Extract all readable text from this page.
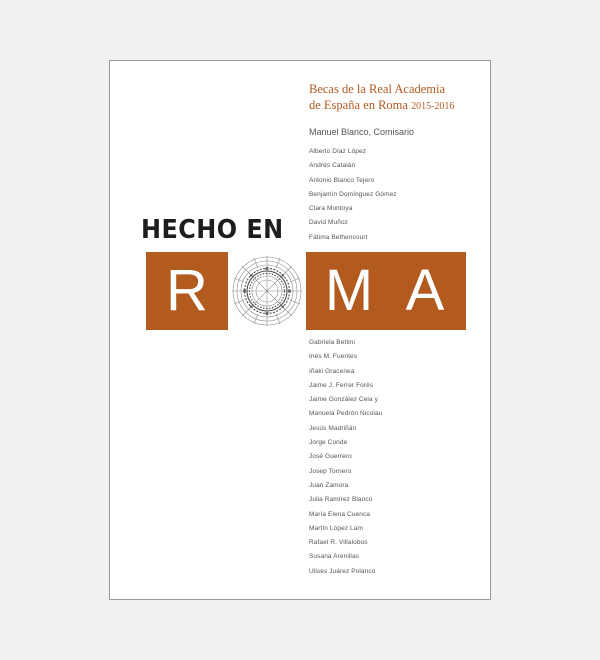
Becas de la Real Academia
de España en Roma 2015-2016
Manuel Blanco, Comisario
Alberto Díaz López
Andrés Catalán
Antonio Blanco Tejero
Benjamín Domínguez Gómez
Clara Montoya
David Muñoz
Fátima Bethencourt
HECHO EN
R	M A
Gabriela Bettini
Inés M. Fuentes
Iñaki Gracenea
Jaime J. Ferrer Forés
Jaime González Cela y
Manuela Pedrón Nicolau
Jesús Madriñán
Jorge Conde
José Guerrero
Josep Tornero
Juan Zamora
Julia Ramírez Blanco
María Elena Cuenca
Martín López Lam
Rafael R. Villalobos
Susana Arenillas
Ulises Juárez Polanco
